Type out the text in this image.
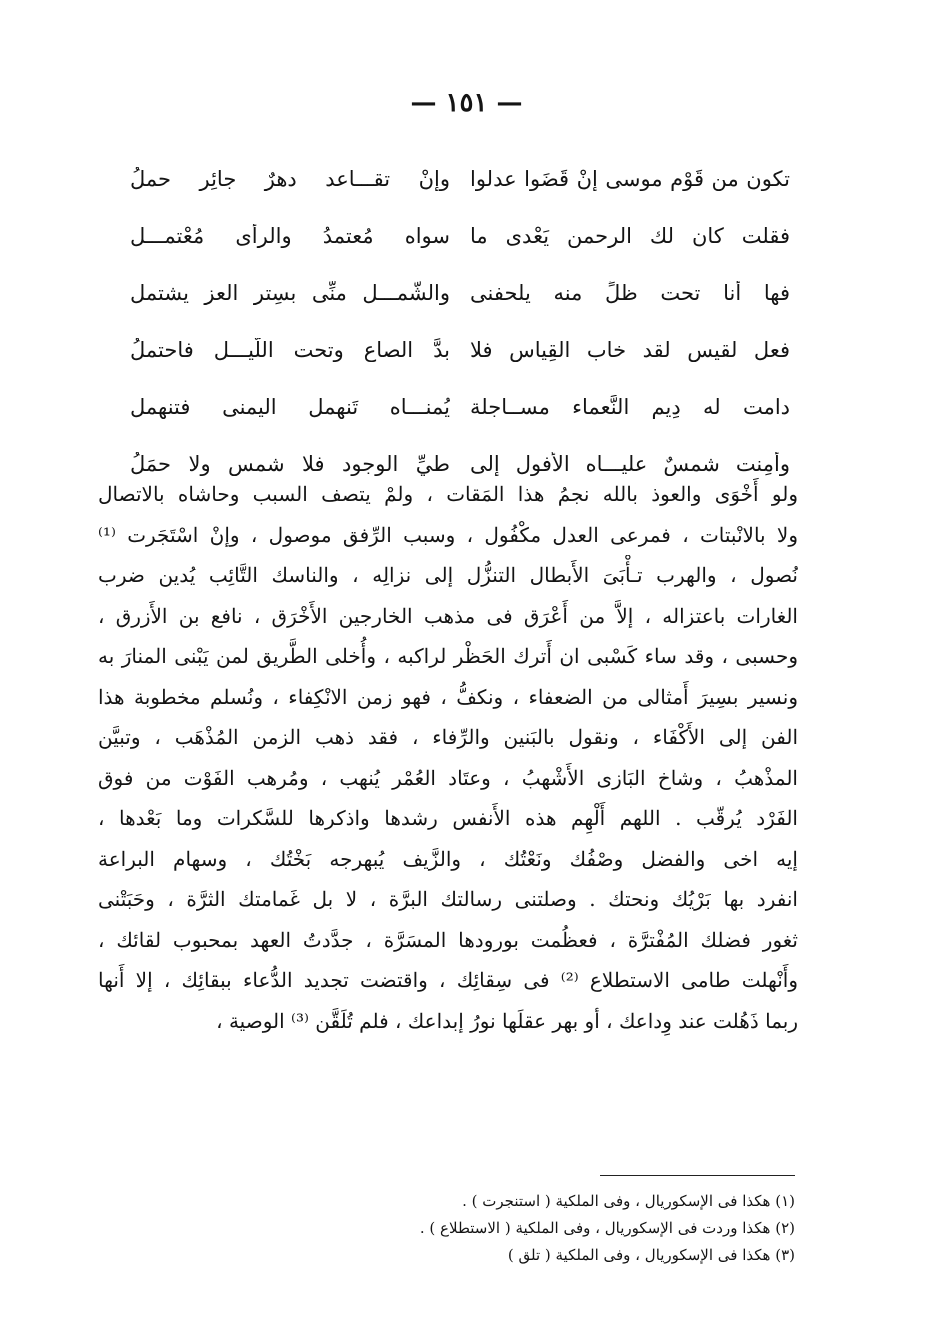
— ١٥١ —
تكون من قَوْم موسى إنْ قَضَوا عدلوا
وإنْ تقـــاعد دهرٌ جائِرِ حملُ
فقلت كان لك الرحمن يَعْدى ما
سواه مُعتمدُ والرأْى مُعْتمـــل
فها أَنا تحت ظلٍّ منه يلحفنى
والشَّمـــل منِّى بسِترِ العز يشتمل
فعل لقيس لقد خاب القِياس فلا
بدَّ الصاع وتحت اللَّيـــل فاحتملُ
دامت له دِيم النَّعماء مســاجلة
يُمنـــاه تَنهمل اليمنى فتنهمل
وأَمِنت شمسٌ عليـــاه الأُفول إلى
طيِّ الوجود فلا شمس ولا حمَلُ
ولو أَخْوَى والعوذ بالله نجمُ هذا المَقات ، ولمْ يتصف السبب وحاشاه بالاتصال
ولا بالانْبتات ، فمرعى العدل مكْفُول ، وسبب الرِّفق موصول ، وإنْ اسْتَجَرت ⁽¹⁾
نُصول ، والهرب تـأْبَىَ الأَبطال التنزُّل إلى نزالِه ، والناسك التَّائِب يُدين ضرب
الغارات باعتزاله ، إلاَّ من أَعْرَق فى مذهب الخارجين الأَخْرَق ، نافع بن الأَزرق ،
وحسبى ، وقد ساء كَسْبى ان أَترك الحَظْر لراكبه ، وأُخلى الطَّريق لمن يَبْنى المنارَ به
ونسير بسِيرَ أَمثالى من الضعفاء ، ونكفُّ ، فهو زمن الانْكِفاء ، ونُسلم مخطوبة هذا
الفن إلى الأَكْفَاء ، ونقول بالبَنين والرِّفاء ، فقد ذهب الزمن المُذْهَب ، وتبيَّن
المذْهبُ ، وشاخ البَازى الأَشْهبُ ، وعتَاد العُمْر يُنهب ، ومُرهب الفَوْت من فوق
الفَرْد يُرقّب . اللهم أَلْهِم هذه الأَنفس رشدها واذكرها للسَّكرات وما بَعْدها ،
إيه اخى والفضل وصْفُك ونَعْتُك ، والزَّيف يُبهرجه بَخْتُك ، وسهام البراعة
انفرد بها بَرْيُك ونحتك . وصلتنى رسالتك البرَّة ، لا بل غَمامتك الثرَّة ، وحَبَتْنى
ثغور فضلك المُفْترَّة ، فعظُمت بورودها المسَرَّة ، جدَّدتُ العهد بمحبوب لقائك ،
وأَنْهلت طامى الاستطلاع ⁽²⁾ فى سِقائِك ، واقتضت تجديد الدُّعاء ببقائِك ، إلا أَنها
ربما ذَهُلت عند وِداعك ، أو بهر عقلَها نورُ إبداعك ، فلم تُلَقَّن ⁽³⁾ الوصية ،
(١) هكذا فى الإسكوريال ، وفى الملكية ( استنجرت ) .
(٢) هكذا وردت فى الإسكوريال ، وفى الملكية ( الاستطلاع ) .
(٣) هكذا فى الإسكوريال ، وفى الملكية ( تلق )
